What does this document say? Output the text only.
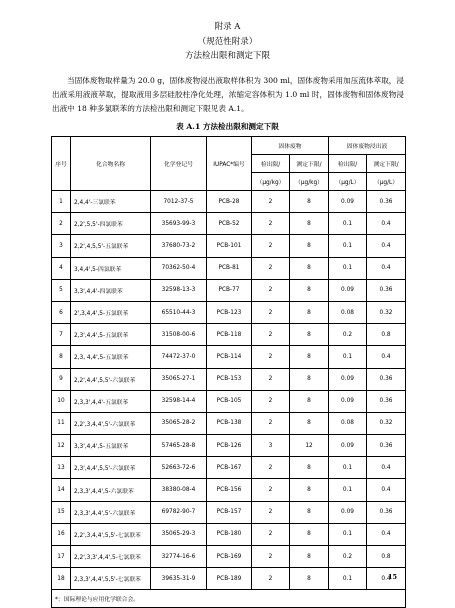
附录 A
（规范性附录）
方法检出限和测定下限
当固体废物取样量为 20.0 g，固体废物浸出液取样体积为 300 ml，固体废物采用加压流体萃取，浸出液采用液液萃取，提取液用多层硅胶柱净化处理，浓缩定容体积为 1.0 ml 时，固体废物和固体废物浸出液中 18 种多氯联苯的方法检出限和测定下限见表 A.1。
表 A.1 方法检出限和测定下限
序号	化合物名称	化学登记号	IUPAC*编号	固体废物		固体废物浸出液	
				检出限/	测定下限/	检出限/	测定下限/
				（μg/kg）	（μg/kg）	（μg/L）	（μg/L）
1	2,4,4'-三氯联苯	7012-37-5	PCB-28	2	8	0.09	0.36
2	2,2',5,5'-四氯联苯	35693-99-3	PCB-52	2	8	0.1	0.4
3	2,2',4,5,5'-五氯联苯	37680-73-2	PCB-101	2	8	0.1	0.4
4	3,4,4',5-四氯联苯	70362-50-4	PCB-81	2	8	0.1	0.4
5	3,3',4,4'-四氯联苯	32598-13-3	PCB-77	2	8	0.09	0.36
6	2',3,4,4',5-五氯联苯	65510-44-3	PCB-123	2	8	0.08	0.32
7	2,3',4,4',5-五氯联苯	31508-00-6	PCB-118	2	8	0.2	0.8
8	2,3, 4,4',5-五氯联苯	74472-37-0	PCB-114	2	8	0.1	0.4
9	2,2',4,4',5,5'-六氯联苯	35065-27-1	PCB-153	2	8	0.09	0.36
10	2,3,3',4,4'-五氯联苯	32598-14-4	PCB-105	2	8	0.09	0.36
11	2,2',3,4,4',5'-六氯联苯	35065-28-2	PCB-138	2	8	0.08	0.32
12	3,3',4,4',5-五氯联苯	57465-28-8	PCB-126	3	12	0.09	0.36
13	2,3',4,4',5,5'-六氯联苯	52663-72-6	PCB-167	2	8	0.1	0.4
14	2,3,3',4,4',5-六氯联苯	38380-08-4	PCB-156	2	8	0.1	0.4
15	2,3,3',4,4',5'-六氯联苯	69782-90-7	PCB-157	2	8	0.09	0.36
16	2,2',3,4,4',5,5'-七氯联苯	35065-29-3	PCB-180	2	8	0.1	0.4
17	2,2',3,3',4,4',5-七氯联苯	32774-16-6	PCB-169	2	8	0.2	0.8
18	2,3,3',4,4',5,5'-七氯联苯	39635-31-9	PCB-189	2	8	0.1	0.4
*：国际理论与应用化学联合会。							
15
